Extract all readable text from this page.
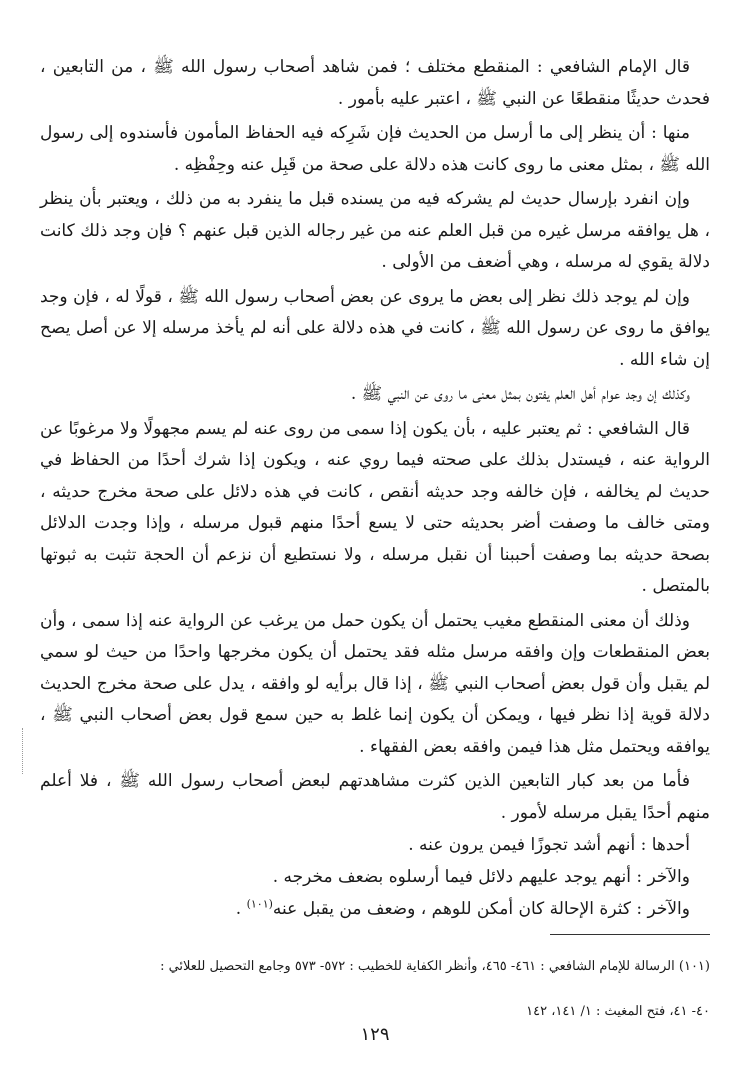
قال الإمام الشافعي : المنقطع مختلف ؛ فمن شاهد أصحاب رسول الله ﷺ ، من التابعين ، فحدث حديثًا منقطعًا عن النبي ﷺ ، اعتبر عليه بأمور .

منها : أن ينظر إلى ما أرسل من الحديث فإن شَرِكه فيه الحفاظ المأمون فأسندوه إلى رسول الله ﷺ ، بمثل معنى ما روى كانت هذه دلالة على صحة من قَبِل عنه وحِفْظِه .

وإن انفرد بإرسال حديث لم يشركه فيه من يسنده قبل ما ينفرد به من ذلك ، ويعتبر بأن ينظر ، هل يوافقه مرسل غيره من قبل العلم عنه من غير رجاله الذين قبل عنهم ؟ فإن وجد ذلك كانت دلالة يقوي له مرسله ، وهي أضعف من الأولى .

وإن لم يوجد ذلك نظر إلى بعض ما يروى عن بعض أصحاب رسول الله ﷺ ، قولًا له ، فإن وجد يوافق ما روى عن رسول الله ﷺ ، كانت في هذه دلالة على أنه لم يأخذ مرسله إلا عن أصل يصح إن شاء الله .

وكذلك إن وجد عوام أهل العلم يفتون بمثل معنى ما روى عن النبي ﷺ .

قال الشافعي : ثم يعتبر عليه ، بأن يكون إذا سمى من روى عنه لم يسم مجهولًا ولا مرغوبًا عن الرواية عنه ، فيستدل بذلك على صحته فيما روي عنه ، ويكون إذا شرك أحدًا من الحفاظ في حديث لم يخالفه ، فإن خالفه وجد حديثه أنقص ، كانت في هذه دلائل على صحة مخرج حديثه ، ومتى خالف ما وصفت أضر بحديثه حتى لا يسع أحدًا منهم قبول مرسله ، وإذا وجدت الدلائل بصحة حديثه بما وصفت أحببنا أن نقبل مرسله ، ولا نستطيع أن نزعم أن الحجة تثبت به ثبوتها بالمتصل .

وذلك أن معنى المنقطع مغيب يحتمل أن يكون حمل من يرغب عن الرواية عنه إذا سمى ، وأن بعض المنقطعات وإن وافقه مرسل مثله فقد يحتمل أن يكون مخرجها واحدًا من حيث لو سمي لم يقبل وأن قول بعض أصحاب النبي ﷺ ، إذا قال برأيه لو وافقه ، يدل على صحة مخرج الحديث دلالة قوية إذا نظر فيها ، ويمكن أن يكون إنما غلط به حين سمع قول بعض أصحاب النبي ﷺ ، يوافقه ويحتمل مثل هذا فيمن وافقه بعض الفقهاء .

فأما من بعد كبار التابعين الذين كثرت مشاهدتهم لبعض أصحاب رسول الله ﷺ ، فلا أعلم منهم أحدًا يقبل مرسله لأمور .

أحدها : أنهم أشد تجوزًا فيمن يرون عنه .

والآخر : أنهم يوجد عليهم دلائل فيما أرسلوه بضعف مخرجه .

والآخر : كثرة الإحالة كان أمكن للوهم ، وضعف من يقبل عنه$^{(١٠١)}$ .

(١٠١) الرسالة للإمام الشافعي : ٤٦١- ٤٦٥، وأنظر الكفاية للخطيب : ٥٧٢- ٥٧٣ وجامع التحصيل للعلائي :

٤٠- ٤١، فتح المغيث : ١/ ١٤١، ١٤٢

١٢٩
